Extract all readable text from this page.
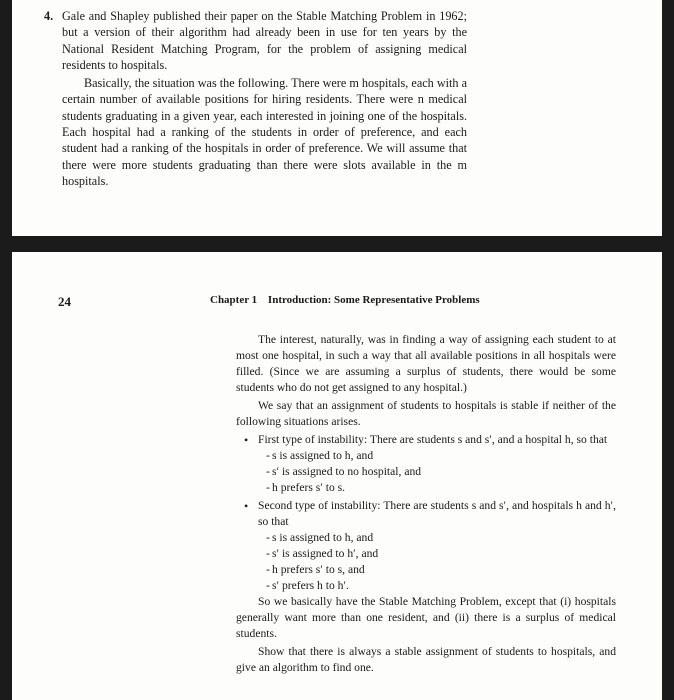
4. Gale and Shapley published their paper on the Stable Matching Problem in 1962; but a version of their algorithm had already been in use for ten years by the National Resident Matching Program, for the problem of assigning medical residents to hospitals.

Basically, the situation was the following. There were m hospitals, each with a certain number of available positions for hiring residents. There were n medical students graduating in a given year, each interested in joining one of the hospitals. Each hospital had a ranking of the students in order of preference, and each student had a ranking of the hospitals in order of preference. We will assume that there were more students graduating than there were slots available in the m hospitals.

24	Chapter 1 Introduction: Some Representative Problems

The interest, naturally, was in finding a way of assigning each student to at most one hospital, in such a way that all available positions in all hospitals were filled. (Since we are assuming a surplus of students, there would be some students who do not get assigned to any hospital.)

We say that an assignment of students to hospitals is stable if neither of the following situations arises.

• First type of instability: There are students s and s′, and a hospital h, so that
- s is assigned to h, and
- s′ is assigned to no hospital, and
- h prefers s′ to s.
• Second type of instability: There are students s and s′, and hospitals h and h′, so that
- s is assigned to h, and
- s′ is assigned to h′, and
- h prefers s′ to s, and
- s′ prefers h to h′.

So we basically have the Stable Matching Problem, except that (i) hospitals generally want more than one resident, and (ii) there is a surplus of medical students.

Show that there is always a stable assignment of students to hospitals, and give an algorithm to find one.
